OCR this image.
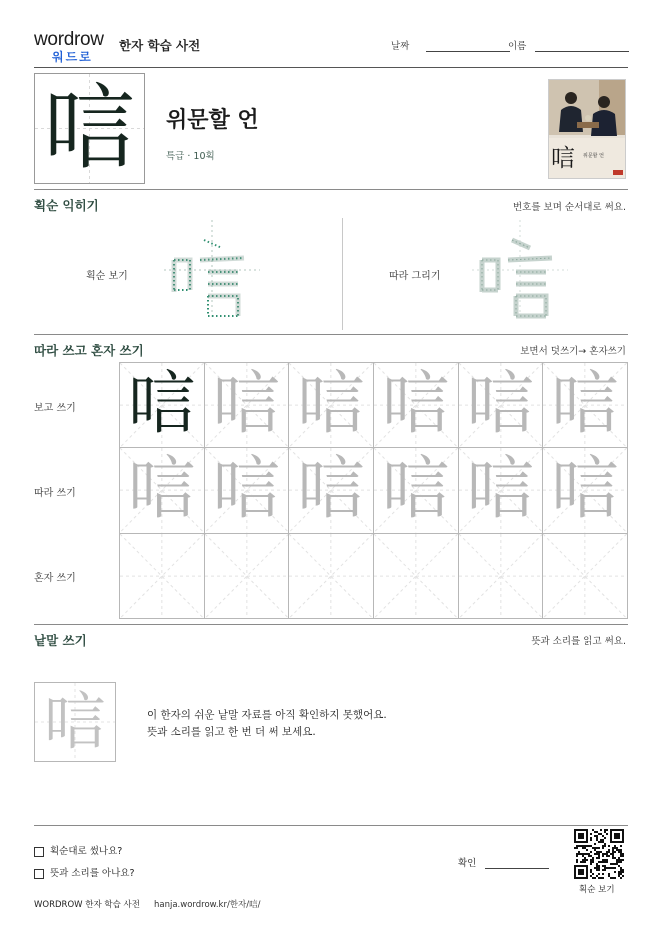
wordrow
워드로
한자 학습 사전	날짜	이름
唁	위문할 언
특급 · 10획	唁 위문할 언
획순 익히기	번호를 보며 순서대로 써요.
획순 보기	따라 그리기
따라 쓰고 혼자 쓰기	보면서 덧쓰기→ 혼자쓰기
보고 쓰기
따라 쓰기
혼자 쓰기
唁 唁 唁 唁 唁 唁
唁 唁 唁 唁 唁 唁
낱말 쓰기	뜻과 소리를 읽고 써요.
唁	이 한자의 쉬운 낱말 자료를 아직 확인하지 못했어요.
뜻과 소리를 읽고 한 번 더 써 보세요.
획순대로 썼나요?
뜻과 소리를 아나요?
확인
획순 보기
WORDROW 한자 학습 사전 hanja.wordrow.kr/한자/唁/
